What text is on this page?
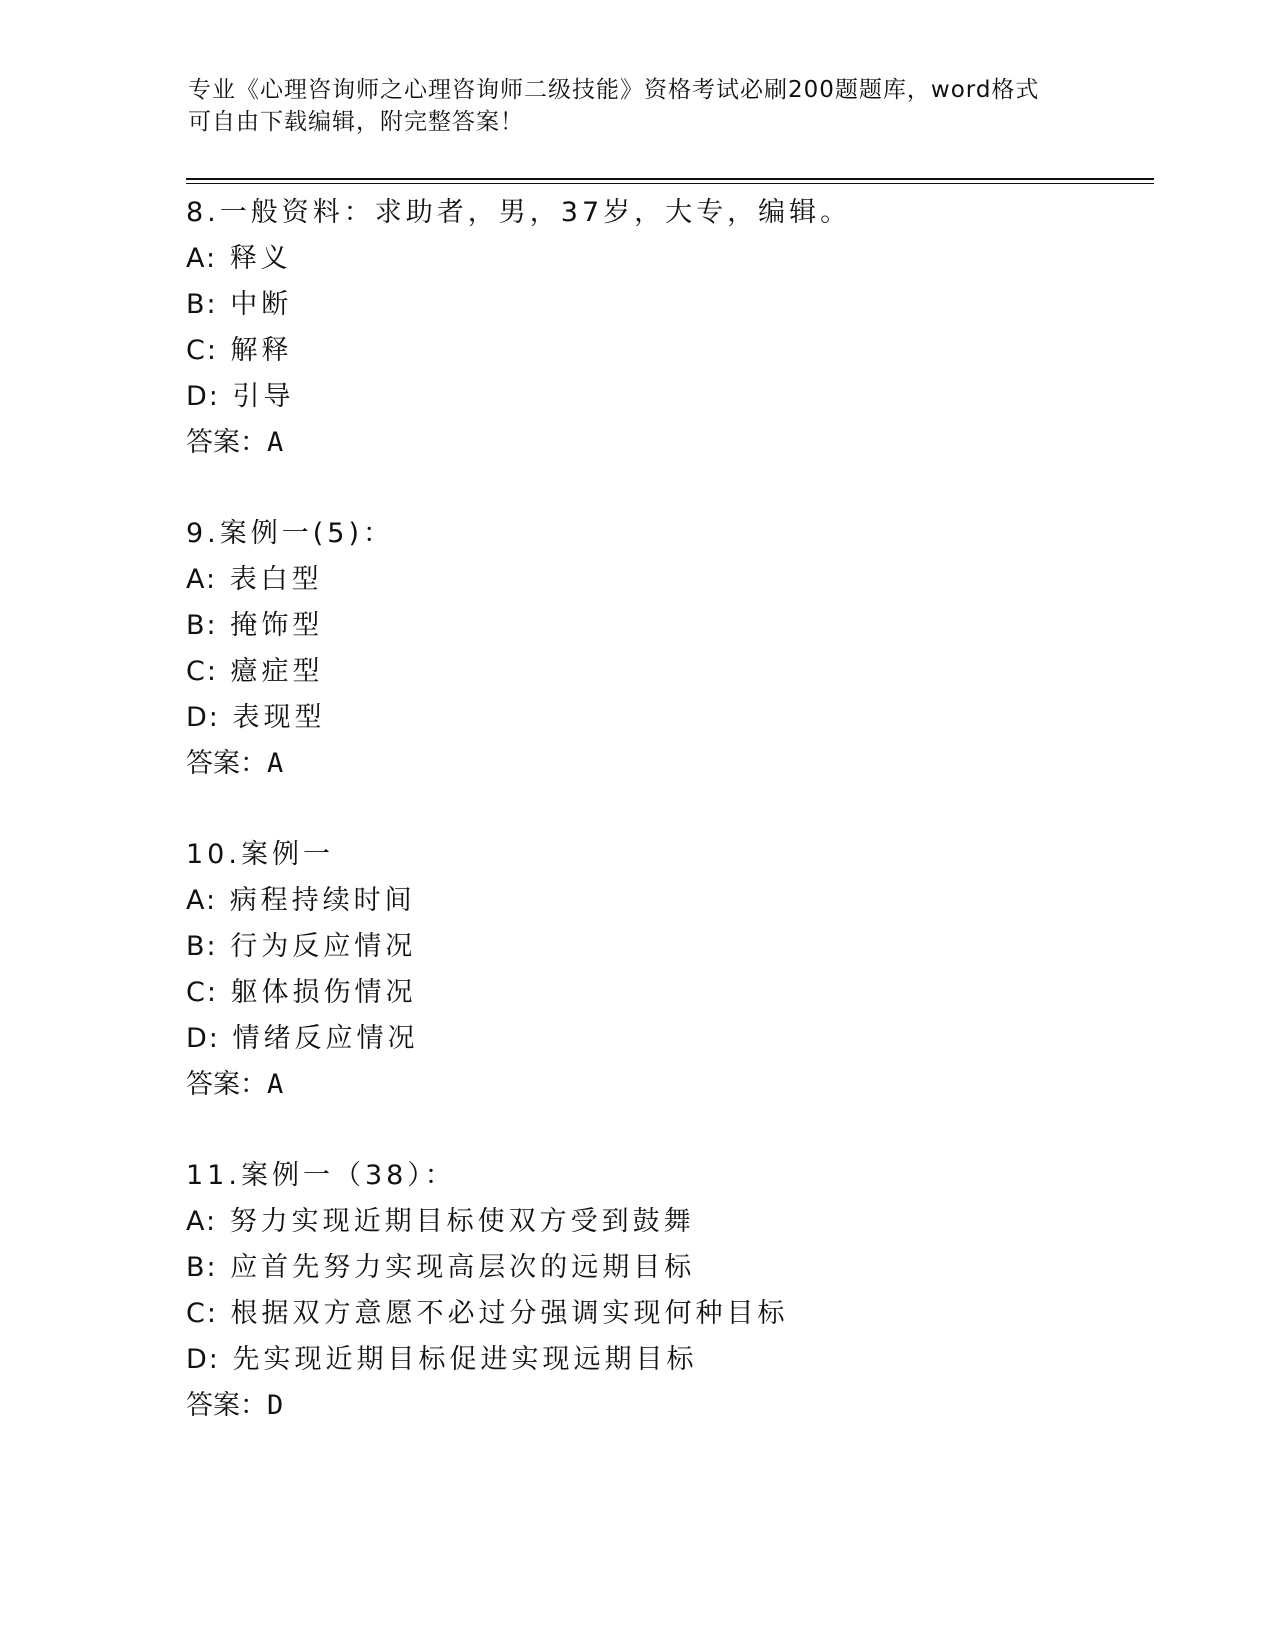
专业《心理咨询师之心理咨询师二级技能》资格考试必刷200题题库，word格式
可自由下载编辑，附完整答案！
8.一般资料：求助者，男，37岁，大专，编辑。
A: 释义
B: 中断
C: 解释
D: 引导
答案：A
9.案例一(5)：
A: 表白型
B: 掩饰型
C: 癔症型
D: 表现型
答案：A
10.案例一
A: 病程持续时间
B: 行为反应情况
C: 躯体损伤情况
D: 情绪反应情况
答案：A
11.案例一（38）：
A: 努力实现近期目标使双方受到鼓舞
B: 应首先努力实现高层次的远期目标
C: 根据双方意愿不必过分强调实现何种目标
D: 先实现近期目标促进实现远期目标
答案：D
